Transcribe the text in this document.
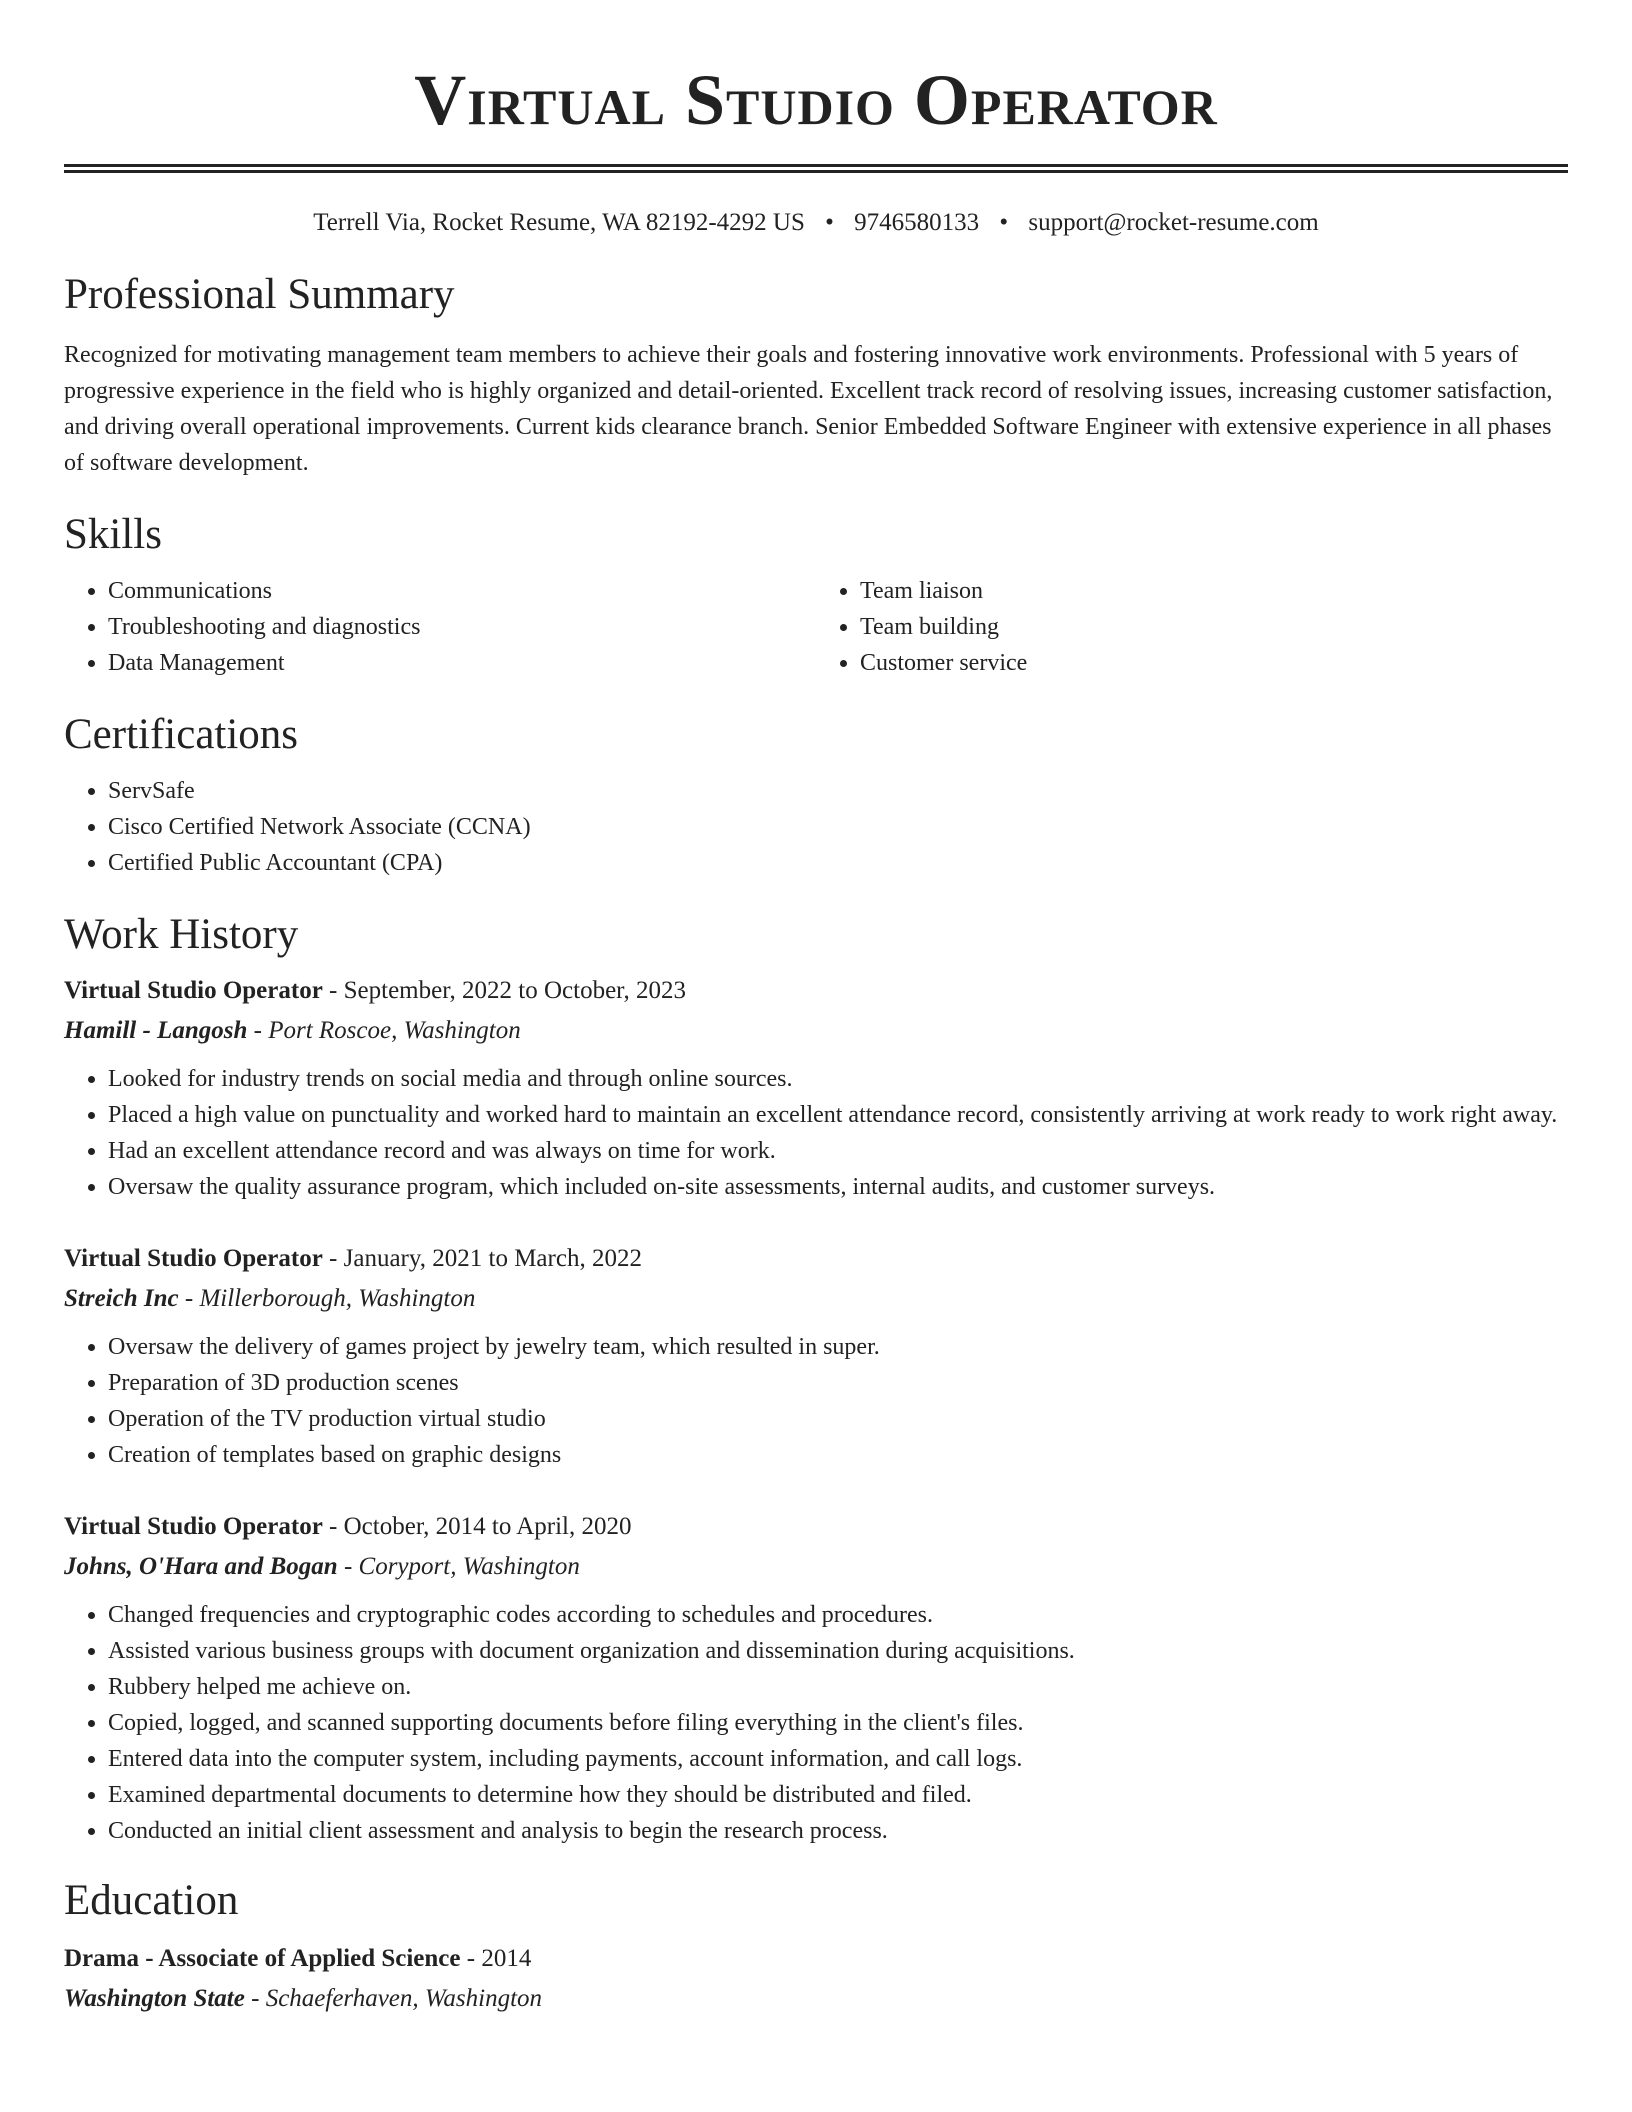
Virtual Studio Operator
Terrell Via, Rocket Resume, WA 82192-4292 US • 9746580133 • support@rocket-resume.com
Professional Summary

Recognized for motivating management team members to achieve their goals and fostering innovative work environments. Professional with 5 years of progressive experience in the field who is highly organized and detail-oriented. Excellent track record of resolving issues, increasing customer satisfaction, and driving overall operational improvements. Current kids clearance branch. Senior Embedded Software Engineer with extensive experience in all phases of software development.

Skills
• Communications
• Troubleshooting and diagnostics
• Data Management
• Team liaison
• Team building
• Customer service
Certifications
• ServSafe
• Cisco Certified Network Associate (CCNA)
• Certified Public Accountant (CPA)
Work History
Virtual Studio Operator - September, 2022 to October, 2023
Hamill - Langosh - Port Roscoe, Washington
• Looked for industry trends on social media and through online sources.
• Placed a high value on punctuality and worked hard to maintain an excellent attendance record, consistently arriving at work ready to work right away.
• Had an excellent attendance record and was always on time for work.
• Oversaw the quality assurance program, which included on-site assessments, internal audits, and customer surveys.
Virtual Studio Operator - January, 2021 to March, 2022
Streich Inc - Millerborough, Washington
• Oversaw the delivery of games project by jewelry team, which resulted in super.
• Preparation of 3D production scenes
• Operation of the TV production virtual studio
• Creation of templates based on graphic designs
Virtual Studio Operator - October, 2014 to April, 2020
Johns, O'Hara and Bogan - Coryport, Washington
• Changed frequencies and cryptographic codes according to schedules and procedures.
• Assisted various business groups with document organization and dissemination during acquisitions.
• Rubbery helped me achieve on.
• Copied, logged, and scanned supporting documents before filing everything in the client's files.
• Entered data into the computer system, including payments, account information, and call logs.
• Examined departmental documents to determine how they should be distributed and filed.
• Conducted an initial client assessment and analysis to begin the research process.
Education
Drama - Associate of Applied Science - 2014
Washington State - Schaeferhaven, Washington
